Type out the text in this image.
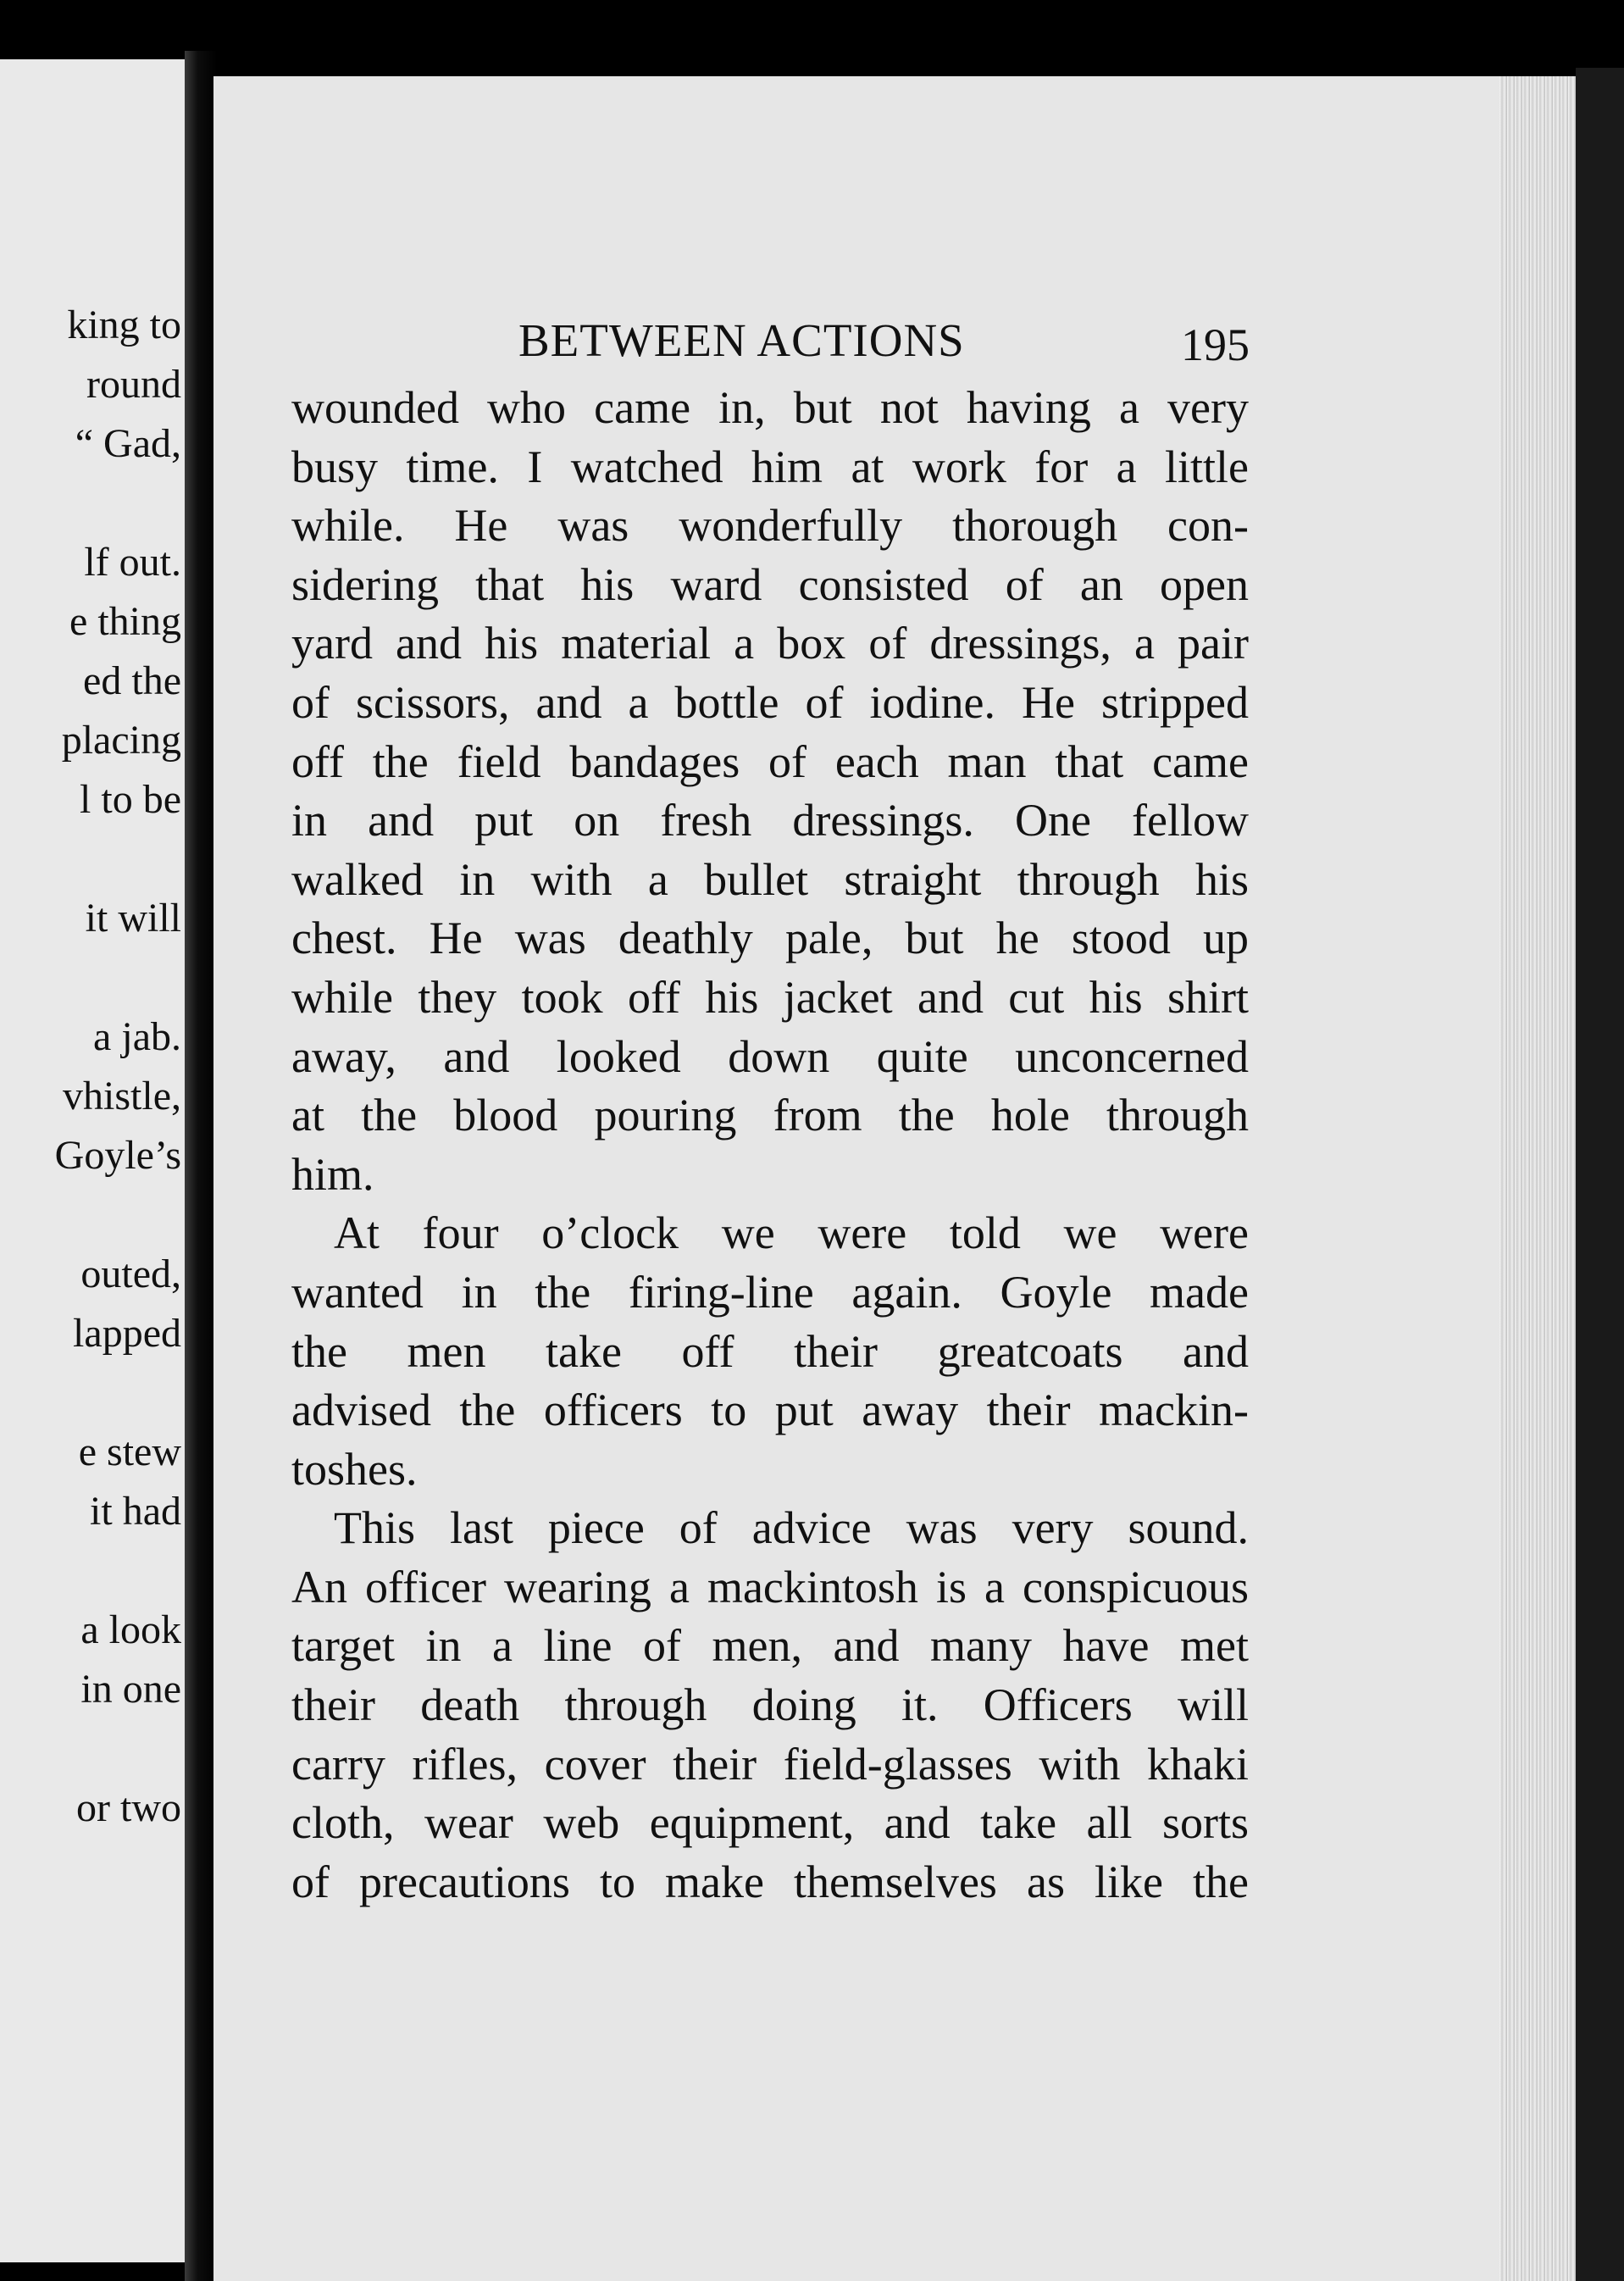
king to

round

“ Gad,

lf out.

e thing

ed the

placing

l to be

it will

a jab.

vhistle,

Goyle’s

outed,

lapped

e stew

it had

a look

in one

or two

BETWEEN ACTIONS	195

wounded who came in, but not having a very

busy time. I watched him at work for a little

while. He was wonderfully thorough con-

sidering that his ward consisted of an open

yard and his material a box of dressings, a pair

of scissors, and a bottle of iodine. He stripped

off the field bandages of each man that came

in and put on fresh dressings. One fellow

walked in with a bullet straight through his

chest. He was deathly pale, but he stood up

while they took off his jacket and cut his shirt

away, and looked down quite unconcerned

at the blood pouring from the hole through

him.

At four o’clock we were told we were

wanted in the firing-line again. Goyle made

the men take off their greatcoats and

advised the officers to put away their mackin-

toshes.

This last piece of advice was very sound.

An officer wearing a mackintosh is a conspicuous

target in a line of men, and many have met

their death through doing it. Officers will

carry rifles, cover their field-glasses with khaki

cloth, wear web equipment, and take all sorts

of precautions to make themselves as like the
